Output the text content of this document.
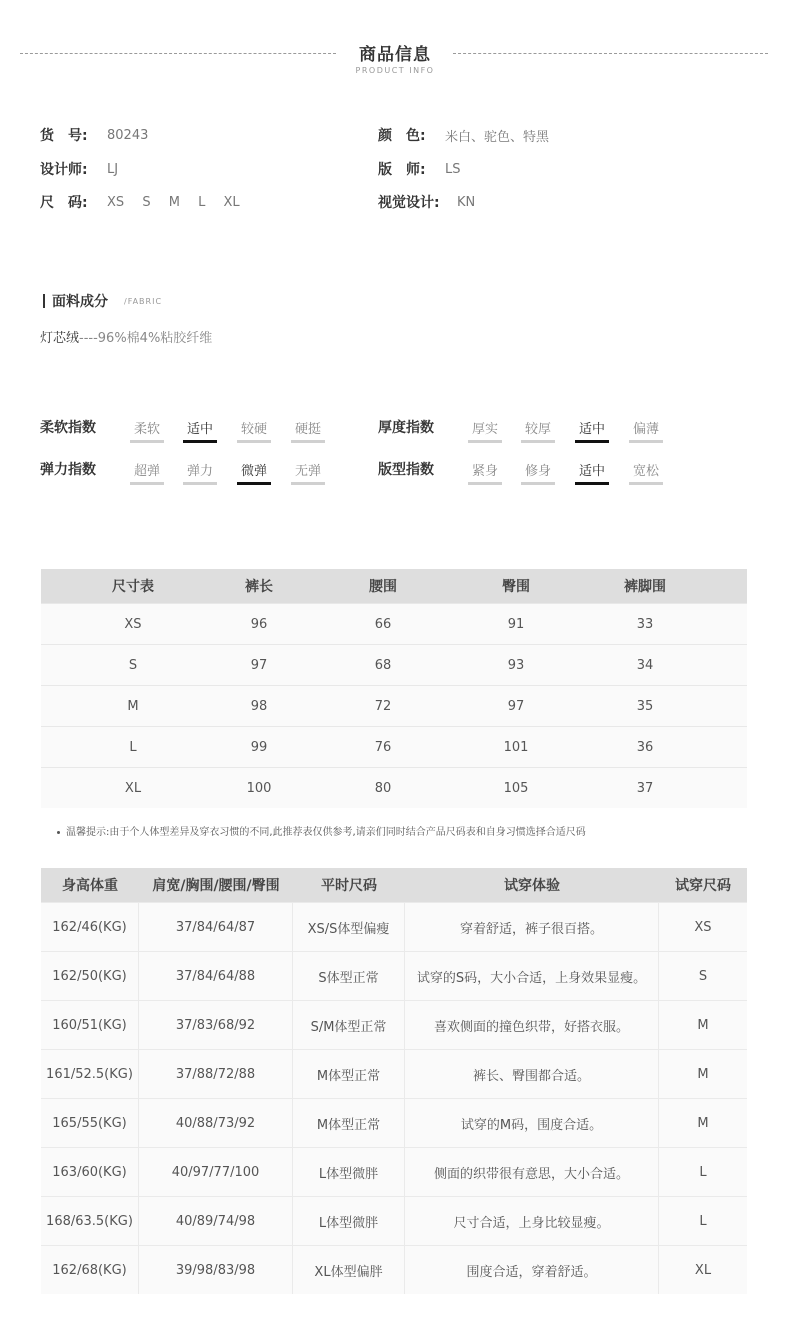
商品信息
PRODUCT INFO
货　号:	80243	颜　色:	米白、驼色、特黑
设计师:	LJ	版　师:	LS
尺　码:	XS S M L XL	视觉设计:	KN
面料成分 /FABRIC
灯芯绒----96%棉4%粘胶纤维
柔软指数	柔软	适中	较硬	硬挺	厚度指数	厚实	较厚	适中	偏薄
弹力指数	超弹	弹力	微弹	无弹	版型指数	紧身	修身	适中	宽松
尺寸表	裤长	腰围	臀围	裤脚围
XS	96	66	91	33
S	97	68	93	34
M	98	72	97	35
L	99	76	101	36
XL	100	80	105	37
温馨提示:由于个人体型差异及穿衣习惯的不同,此推荐表仅供参考,请亲们同时结合产品尺码表和自身习惯选择合适尺码
身高体重	肩宽/胸围/腰围/臀围	平时尺码	试穿体验	试穿尺码
162/46(KG)	37/84/64/87	XS/S体型偏瘦	穿着舒适，裤子很百搭。	XS
162/50(KG)	37/84/64/88	S体型正常	试穿的S码，大小合适，上身效果显瘦。	S
160/51(KG)	37/83/68/92	S/M体型正常	喜欢侧面的撞色织带，好搭衣服。	M
161/52.5(KG)	37/88/72/88	M体型正常	裤长、臀围都合适。	M
165/55(KG)	40/88/73/92	M体型正常	试穿的M码，围度合适。	M
163/60(KG)	40/97/77/100	L体型微胖	侧面的织带很有意思，大小合适。	L
168/63.5(KG)	40/89/74/98	L体型微胖	尺寸合适，上身比较显瘦。	L
162/68(KG)	39/98/83/98	XL体型偏胖	围度合适，穿着舒适。	XL
